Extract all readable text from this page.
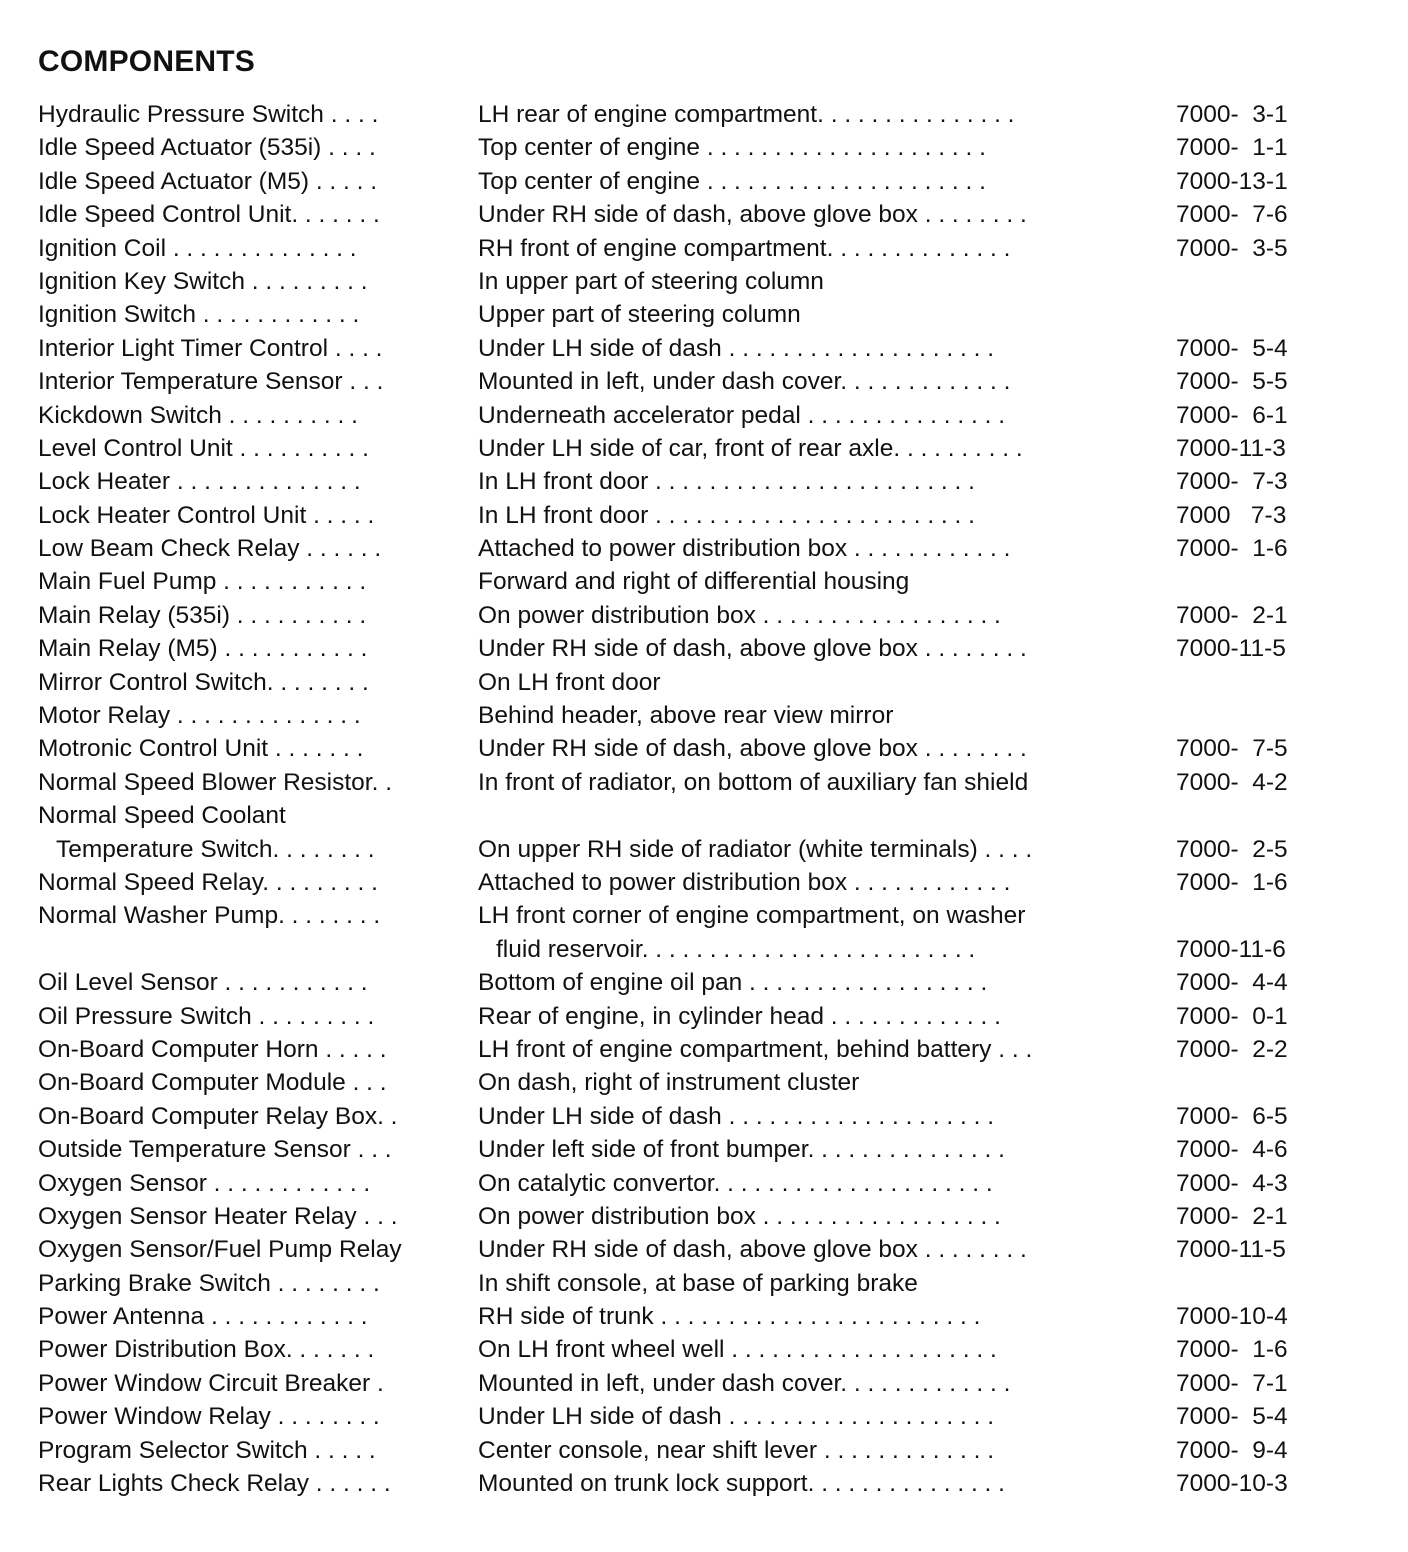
COMPONENTS
Hydraulic Pressure Switch . . . .	LH rear of engine compartment. . . . . . . . . . . . . . .	7000-  3-1
Idle Speed Actuator (535i) . . . .	Top center of engine . . . . . . . . . . . . . . . . . . . . .	7000-  1-1
Idle Speed Actuator (M5) . . . . .	Top center of engine . . . . . . . . . . . . . . . . . . . . .	7000-13-1
Idle Speed Control Unit. . . . . . .	Under RH side of dash, above glove box . . . . . . . .	7000-  7-6
Ignition Coil . . . . . . . . . . . . . .	RH front of engine compartment. . . . . . . . . . . . . .	7000-  3-5
Ignition Key Switch . . . . . . . . .	In upper part of steering column
Ignition Switch . . . . . . . . . . . .	Upper part of steering column
Interior Light Timer Control . . . .	Under LH side of dash . . . . . . . . . . . . . . . . . . . .	7000-  5-4
Interior Temperature Sensor . . .	Mounted in left, under dash cover. . . . . . . . . . . . .	7000-  5-5
Kickdown Switch . . . . . . . . . .	Underneath accelerator pedal . . . . . . . . . . . . . . .	7000-  6-1
Level Control Unit . . . . . . . . . .	Under LH side of car, front of rear axle. . . . . . . . . .	7000-11-3
Lock Heater . . . . . . . . . . . . . .	In LH front door . . . . . . . . . . . . . . . . . . . . . . . .	7000-  7-3
Lock Heater Control Unit . . . . .	In LH front door . . . . . . . . . . . . . . . . . . . . . . . .	7000   7-3
Low Beam Check Relay . . . . . .	Attached to power distribution box . . . . . . . . . . . .	7000-  1-6
Main Fuel Pump . . . . . . . . . . .	Forward and right of differential housing
Main Relay (535i) . . . . . . . . . .	On power distribution box . . . . . . . . . . . . . . . . . .	7000-  2-1
Main Relay (M5) . . . . . . . . . . .	Under RH side of dash, above glove box . . . . . . . .	7000-11-5
Mirror Control Switch. . . . . . . .	On LH front door
Motor Relay . . . . . . . . . . . . . .	Behind header, above rear view mirror
Motronic Control Unit . . . . . . .	Under RH side of dash, above glove box . . . . . . . .	7000-  7-5
Normal Speed Blower Resistor. .	In front of radiator, on bottom of auxiliary fan shield	7000-  4-2
Normal Speed Coolant
Temperature Switch. . . . . . . .	On upper RH side of radiator (white terminals) . . . .	7000-  2-5
Normal Speed Relay. . . . . . . . .	Attached to power distribution box . . . . . . . . . . . .	7000-  1-6
Normal Washer Pump. . . . . . . .	LH front corner of engine compartment, on washer
fluid reservoir. . . . . . . . . . . . . . . . . . . . . . . . .	7000-11-6
Oil Level Sensor . . . . . . . . . . .	Bottom of engine oil pan . . . . . . . . . . . . . . . . . .	7000-  4-4
Oil Pressure Switch . . . . . . . . .	Rear of engine, in cylinder head . . . . . . . . . . . . .	7000-  0-1
On-Board Computer Horn . . . . .	LH front of engine compartment, behind battery . . .	7000-  2-2
On-Board Computer Module . . .	On dash, right of instrument cluster
On-Board Computer Relay Box. .	Under LH side of dash . . . . . . . . . . . . . . . . . . . .	7000-  6-5
Outside Temperature Sensor . . .	Under left side of front bumper. . . . . . . . . . . . . . .	7000-  4-6
Oxygen Sensor . . . . . . . . . . . .	On catalytic convertor. . . . . . . . . . . . . . . . . . . . .	7000-  4-3
Oxygen Sensor Heater Relay . . .	On power distribution box . . . . . . . . . . . . . . . . . .	7000-  2-1
Oxygen Sensor/Fuel Pump Relay	Under RH side of dash, above glove box . . . . . . . .	7000-11-5
Parking Brake Switch . . . . . . . .	In shift console, at base of parking brake
Power Antenna . . . . . . . . . . . .	RH side of trunk . . . . . . . . . . . . . . . . . . . . . . . .	7000-10-4
Power Distribution Box. . . . . . .	On LH front wheel well . . . . . . . . . . . . . . . . . . . .	7000-  1-6
Power Window Circuit Breaker .	Mounted in left, under dash cover. . . . . . . . . . . . .	7000-  7-1
Power Window Relay . . . . . . . .	Under LH side of dash . . . . . . . . . . . . . . . . . . . .	7000-  5-4
Program Selector Switch . . . . .	Center console, near shift lever . . . . . . . . . . . . .	7000-  9-4
Rear Lights Check Relay . . . . . .	Mounted on trunk lock support. . . . . . . . . . . . . . .	7000-10-3
